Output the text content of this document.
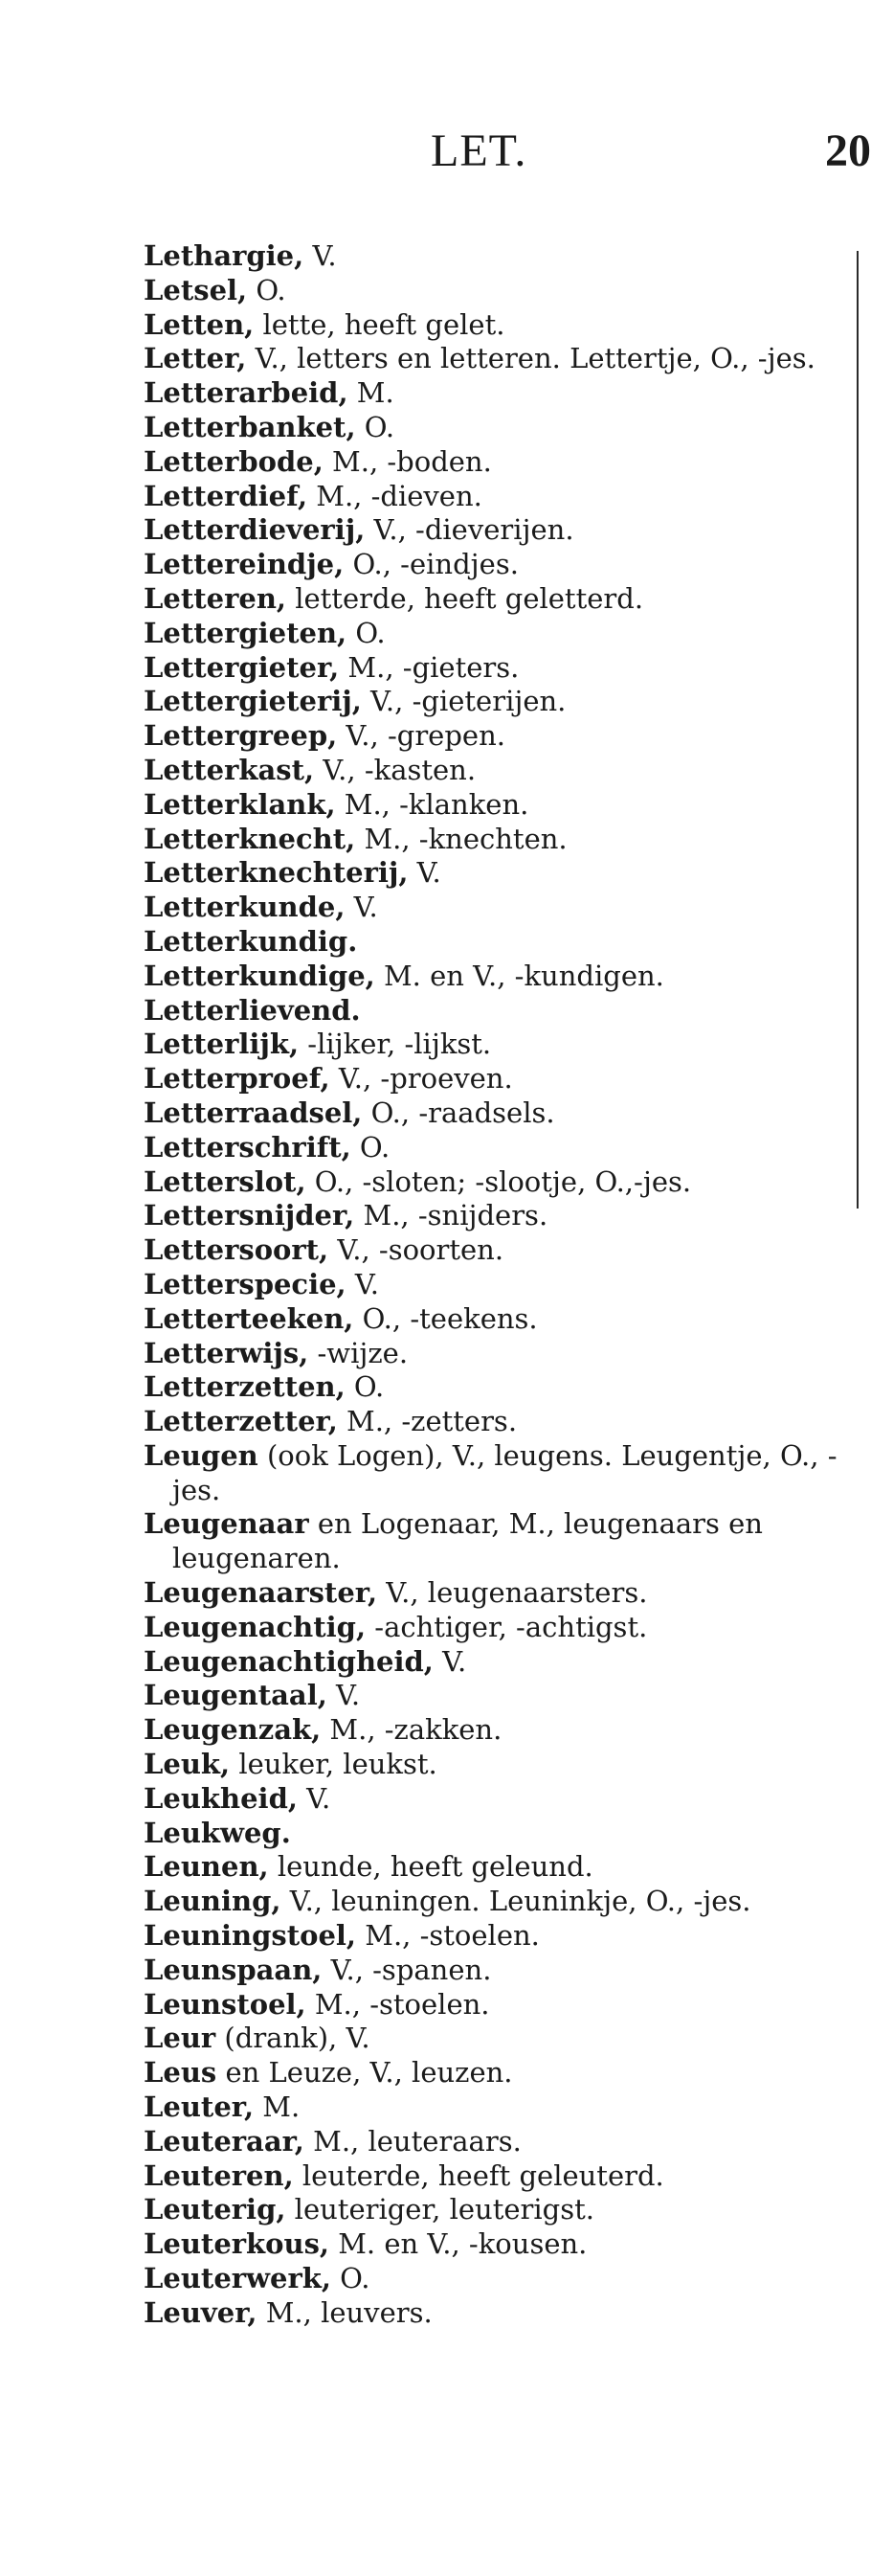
LET.	20

Lethargie, V.

Letsel, O.

Letten, lette, heeft gelet.

Letter, V., letters en letteren. Lettertje, O., -jes.

Letterarbeid, M.

Letterbanket, O.

Letterbode, M., -boden.

Letterdief, M., -dieven.

Letterdieverij, V., -dieverijen.

Lettereindje, O., -eindjes.

Letteren, letterde, heeft geletterd.

Lettergieten, O.

Lettergieter, M., -gieters.

Lettergieterij, V., -gieterijen.

Lettergreep, V., -grepen.

Letterkast, V., -kasten.

Letterklank, M., -klanken.

Letterknecht, M., -knechten.

Letterknechterij, V.

Letterkunde, V.

Letterkundig.

Letterkundige, M. en V., -kundigen.

Letterlievend.

Letterlijk, -lijker, -lijkst.

Letterproef, V., -proeven.

Letterraadsel, O., -raadsels.

Letterschrift, O.

Letterslot, O., -sloten; -slootje, O.,-jes.

Lettersnijder, M., -snijders.

Lettersoort, V., -soorten.

Letterspecie, V.

Letterteeken, O., -teekens.

Letterwijs, -wijze.

Letterzetten, O.

Letterzetter, M., -zetters.

Leugen (ook Logen), V., leugens. Leugentje, O., -jes.

Leugenaar en Logenaar, M., leugenaars en leugenaren.

Leugenaarster, V., leugenaarsters.

Leugenachtig, -achtiger, -achtigst.

Leugenachtigheid, V.

Leugentaal, V.

Leugenzak, M., -zakken.

Leuk, leuker, leukst.

Leukheid, V.

Leukweg.

Leunen, leunde, heeft geleund.

Leuning, V., leuningen. Leuninkje, O., -jes.

Leuningstoel, M., -stoelen.

Leunspaan, V., -spanen.

Leunstoel, M., -stoelen.

Leur (drank), V.

Leus en Leuze, V., leuzen.

Leuter, M.

Leuteraar, M., leuteraars.

Leuteren, leuterde, heeft geleuterd.

Leuterig, leuteriger, leuterigst.

Leuterkous, M. en V., -kousen.

Leuterwerk, O.

Leuver, M., leuvers.
